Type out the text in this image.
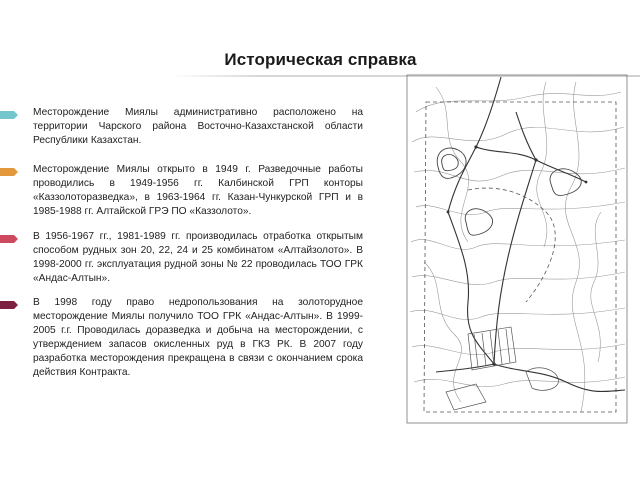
Историческая справка
Месторождение Миялы административно расположено на территории Чарского района Восточно-Казахстанской области Республики Казахстан.
Месторождение Миялы открыто в 1949 г. Разведочные работы проводились в 1949-1956 гг. Калбинской ГРП конторы «Каззолоторазведка», в 1963-1964 гг. Казан-Чункурской ГРП и в 1985-1988 гг. Алтайской ГРЭ ПО «Каззолото».
В 1956-1967 гг., 1981-1989 гг. производилась отработка открытым способом рудных зон 20, 22, 24 и 25 комбинатом «Алтайзолото». В 1998-2000 гг. эксплуатация рудной зоны № 22 проводилась ТОО ГРК «Андас-Алтын».
В 1998 году право недропользования на золоторудное месторождение Миялы получило ТОО ГРК «Андас-Алтын». В 1999-2005 г.г. Проводилась доразведка и добыча на месторождении, с утверждением запасов окисленных руд в ГКЗ РК. В 2007 году разработка месторождения прекращена в связи с окончанием срока действия Контракта.
